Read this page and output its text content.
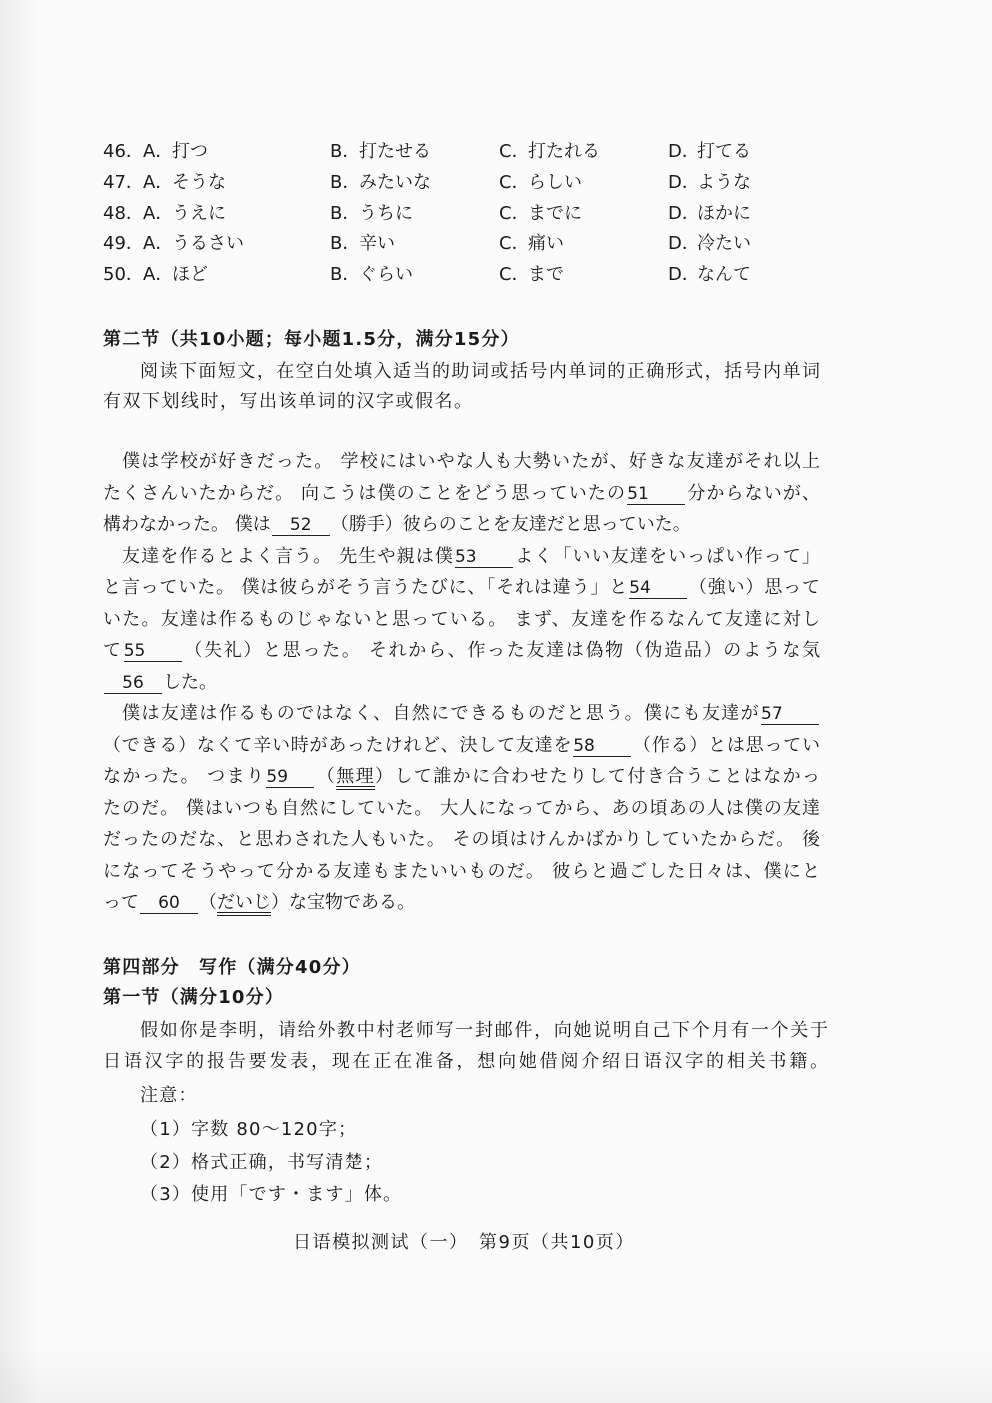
46．A．打つ	B．打たせる	C．打たれる	D．打てる
47．A．そうな	B．みたいな	C．らしい	D．ような
48．A．うえに	B．うちに	C．までに	D．ほかに
49．A．うるさい	B．辛い	C．痛い	D．冷たい
50．A．ほど	B．ぐらい	C．まで	D．なんて
第二节（共10小题；每小题1.5分，满分15分）
阅读下面短文，在空白处填入适当的助词或括号内单词的正确形式，括号内单词
有双下划线时，写出该单词的汉字或假名。
僕は学校が好きだった。 学校にはいやな人も大勢いたが、好きな友達がそれ以上
たくさんいたからだ。 向こうは僕のことをどう思っていたの51 分からないが、
構わなかった。 僕は 52 （勝手）彼らのことを友達だと思っていた。
友達を作るとよく言う。 先生や親は僕53 よく「いい友達をいっぱい作って」
と言っていた。 僕は彼らがそう言うたびに、「それは違う」と54 （強い）思って
いた。友達は作るものじゃないと思っている。 まず、友達を作るなんて友達に対し
て55 （失礼）と思った。 それから、作った友達は偽物（伪造品）のような気
56 した。
僕は友達は作るものではなく、自然にできるものだと思う。僕にも友達が57
（できる）なくて辛い時があったけれど、決して友達を58 （作る）とは思ってい
なかった。 つまり59 （無理）して誰かに合わせたりして付き合うことはなかっ
たのだ。 僕はいつも自然にしていた。 大人になってから、あの頃あの人は僕の友達
だったのだな、と思わされた人もいた。 その頃はけんかばかりしていたからだ。 後
になってそうやって分かる友達もまたいいものだ。 彼らと過ごした日々は、僕にと
って 60 （だいじ）な宝物である。
第四部分　写作（满分40分）
第一节（满分10分）
假如你是李明，请给外教中村老师写一封邮件，向她说明自己下个月有一个关于
日语汉字的报告要发表，现在正在准备，想向她借阅介绍日语汉字的相关书籍。
注意：
（1）字数 80～120字；
（2）格式正确，书写清楚；
（3）使用「です・ます」体。
日语模拟测试（一）　第9页（共10页）
